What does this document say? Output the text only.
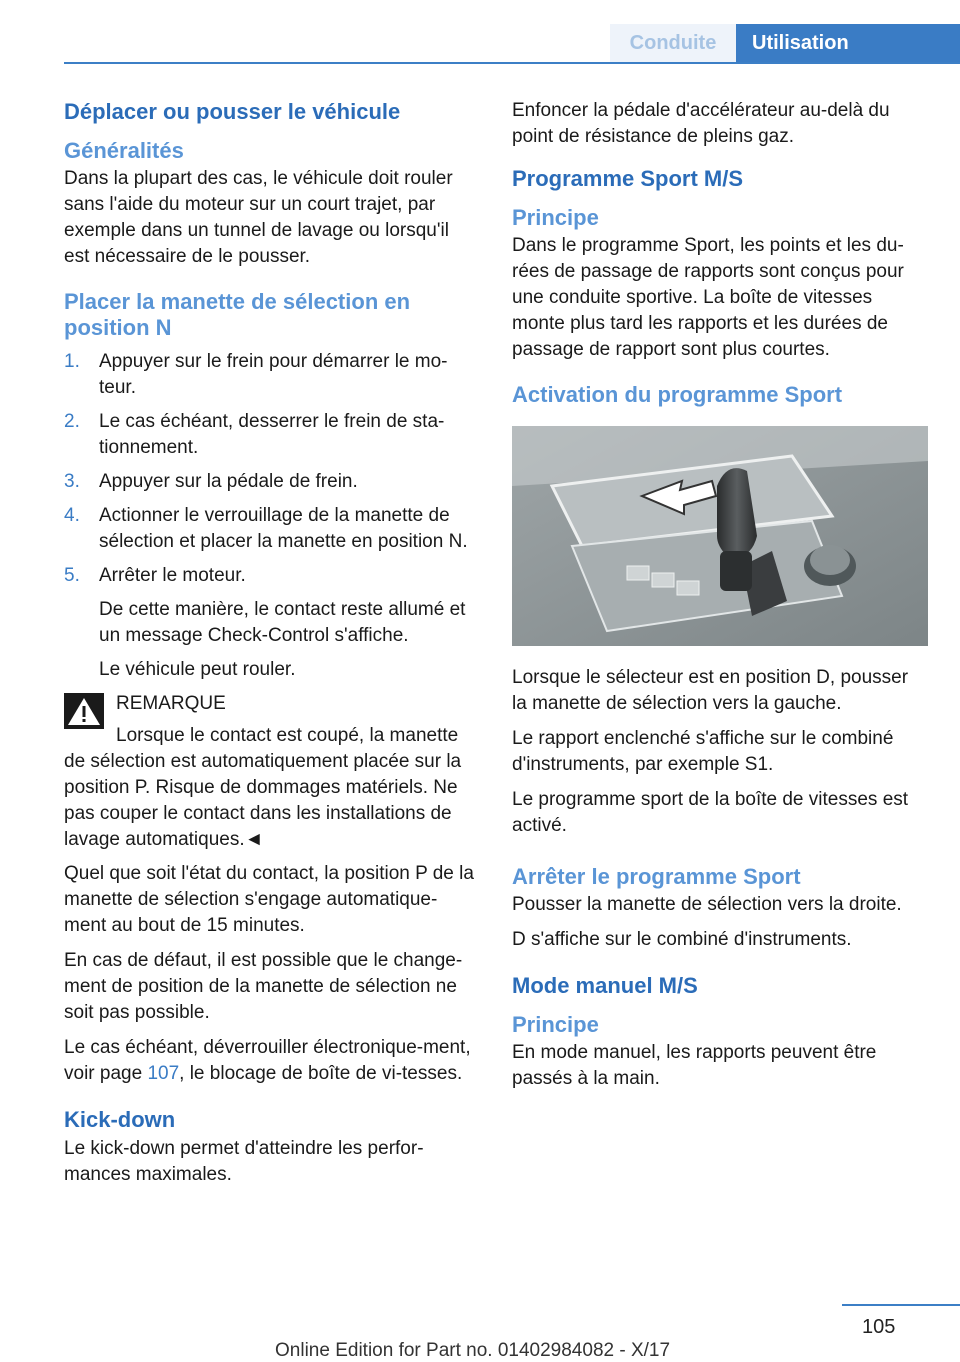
Conduite Utilisation
Déplacer ou pousser le véhicule
Généralités

Dans la plupart des cas, le véhicule doit rouler sans l'aide du moteur sur un court trajet, par exemple dans un tunnel de lavage ou lorsqu'il est nécessaire de le pousser.

Placer la manette de sélection en position N
1. Appuyer sur le frein pour démarrer le mo-teur.
2. Le cas échéant, desserrer le frein de sta-tionnement.
3. Appuyer sur la pédale de frein.
4. Actionner le verrouillage de la manette de sélection et placer la manette en position N.
5. Arrêter le moteur.

De cette manière, le contact reste allumé et un message Check-Control s'affiche.

Le véhicule peut rouler.

REMARQUE
Lorsque le contact est coupé, la manette de sélection est automatiquement placée sur la position P. Risque de dommages matériels. Ne pas couper le contact dans les installations de lavage automatiques.◄

Quel que soit l'état du contact, la position P de la manette de sélection s'engage automatique-ment au bout de 15 minutes.

En cas de défaut, il est possible que le change-ment de position de la manette de sélection ne soit pas possible.

Le cas échéant, déverrouiller électronique-ment, voir page 107, le blocage de boîte de vi-tesses.

Kick-down

Le kick-down permet d'atteindre les perfor-mances maximales.

Enfoncer la pédale d'accélérateur au-delà du point de résistance de pleins gaz.

Programme Sport M/S
Principe

Dans le programme Sport, les points et les du-rées de passage de rapports sont conçus pour une conduite sportive. La boîte de vitesses monte plus tard les rapports et les durées de passage de rapport sont plus courtes.

Activation du programme Sport

Lorsque le sélecteur est en position D, pousser la manette de sélection vers la gauche.

Le rapport enclenché s'affiche sur le combiné d'instruments, par exemple S1.

Le programme sport de la boîte de vitesses est activé.

Arrêter le programme Sport

Pousser la manette de sélection vers la droite.

D s'affiche sur le combiné d'instruments.

Mode manuel M/S
Principe

En mode manuel, les rapports peuvent être passés à la main.

105
Online Edition for Part no. 01402984082 - X/17
